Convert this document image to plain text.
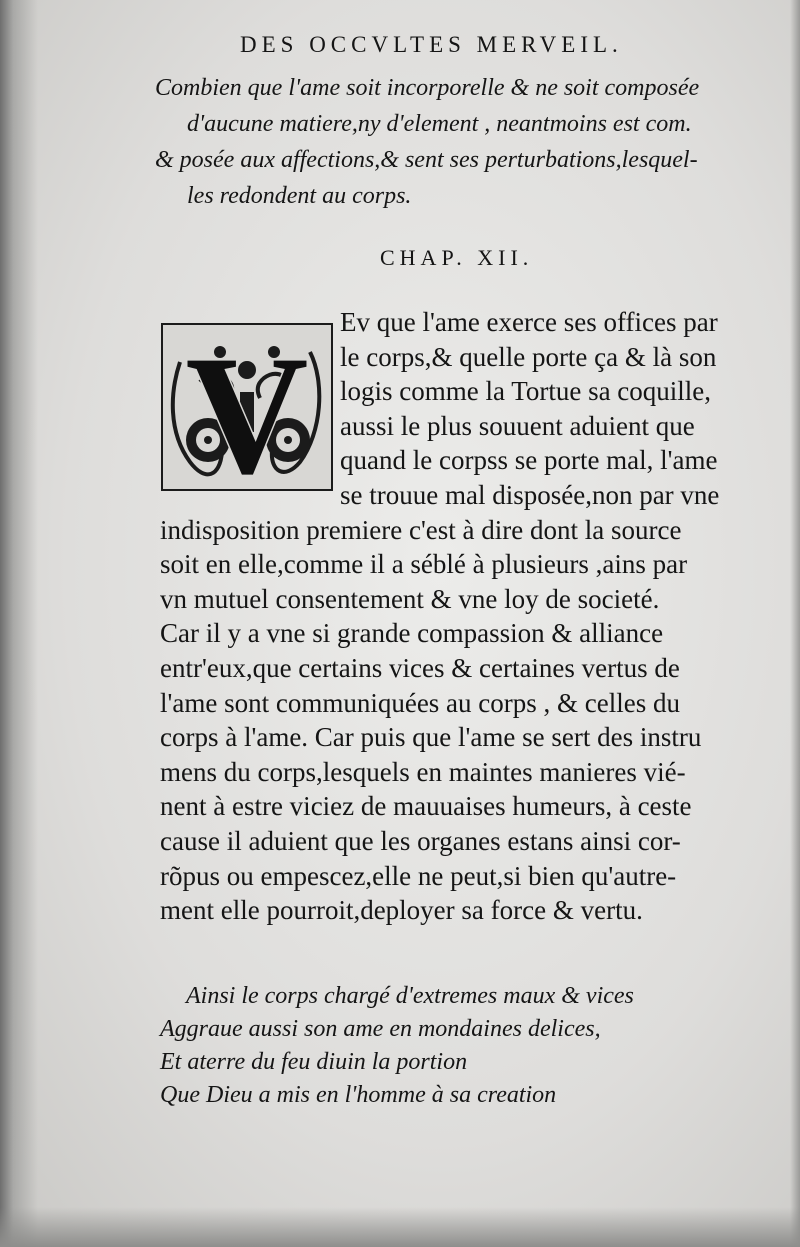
DES OCCVLTES MERVEIL.
Combien que l'ame soit incorporelle & ne soit composée
d'aucune matiere,ny d'element , neantmoins est com.
& posée aux affections,& sent ses perturbations,lesquel-
les redondent au corps.
CHAP. XII.
V	Ev que l'ame exerce ses offices par
le corps,& quelle porte ça & là son
logis comme la Tortue sa coquille,
aussi le plus souuent aduient que
quand le corpss se porte mal, l'ame
se trouue mal disposée,non par vne
indisposition premiere c'est à dire dont la source
soit en elle,comme il a séblé à plusieurs ,ains par
vn mutuel consentement & vne loy de societé.
Car il y a vne si grande compassion & alliance
entr'eux,que certains vices & certaines vertus de
l'ame sont communiquées au corps , & celles du
corps à l'ame. Car puis que l'ame se sert des instru
mens du corps,lesquels en maintes manieres vié-
nent à estre viciez de mauuaises humeurs, à ceste
cause il aduient que les organes estans ainsi cor-
rõpus ou empescez,elle ne peut,si bien qu'autre-
ment elle pourroit,deployer sa force & vertu.
Ainsi le corps chargé d'extremes maux & vices
Aggraue aussi son ame en mondaines delices,
Et aterre du feu diuin la portion
Que Dieu a mis en l'homme à sa creation
